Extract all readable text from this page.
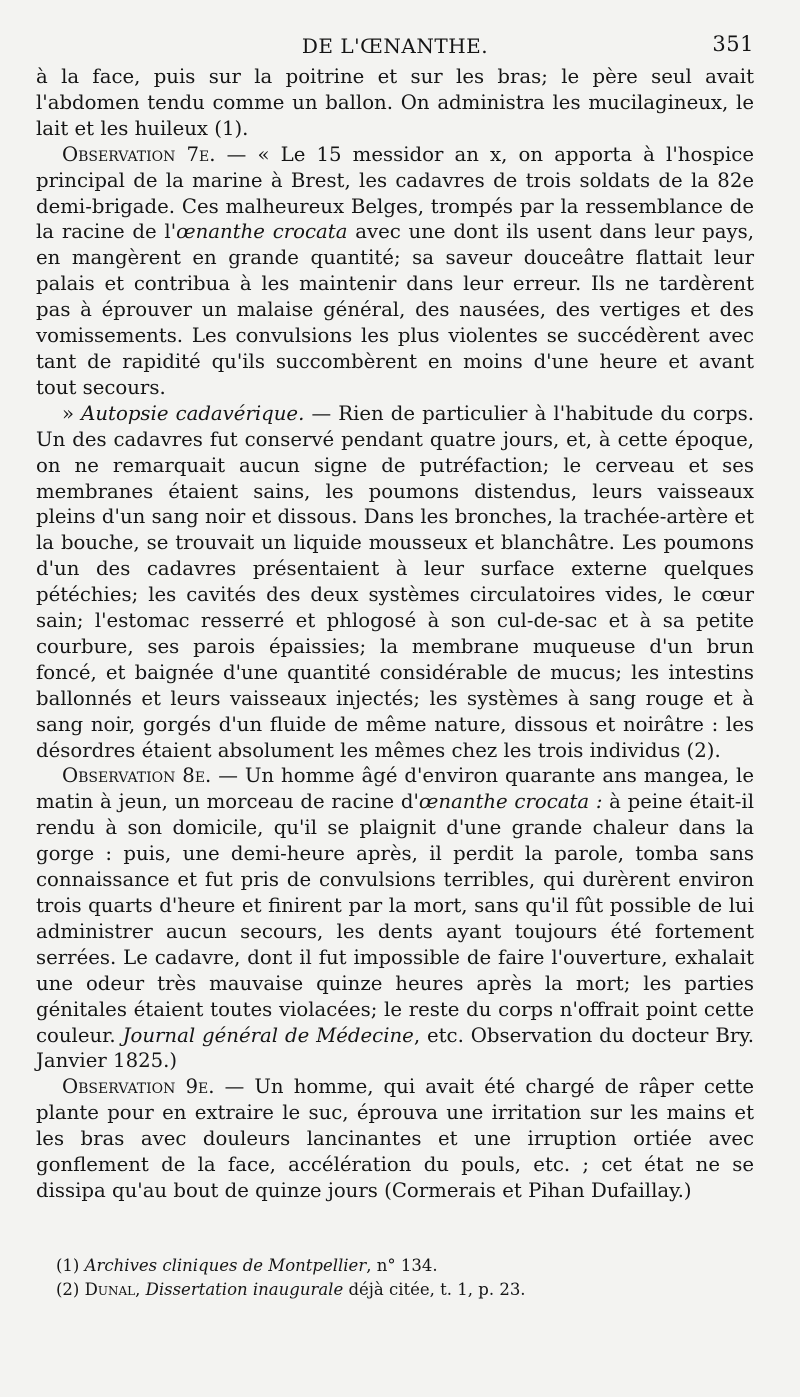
DE L'ŒNANTHE.	351

à la face, puis sur la poitrine et sur les bras; le père seul avait l'abdomen tendu comme un ballon. On administra les mucilagineux, le lait et les huileux (1).

Observation 7e. — « Le 15 messidor an x, on apporta à l'hospice principal de la marine à Brest, les cadavres de trois soldats de la 82e demi-brigade. Ces malheureux Belges, trompés par la ressemblance de la racine de l'œnanthe crocata avec une dont ils usent dans leur pays, en mangèrent en grande quantité; sa saveur douceâtre flattait leur palais et contribua à les maintenir dans leur erreur. Ils ne tardèrent pas à éprouver un malaise général, des nausées, des vertiges et des vomissements. Les convulsions les plus violentes se succédèrent avec tant de rapidité qu'ils succombèrent en moins d'une heure et avant tout secours.

» Autopsie cadavérique. — Rien de particulier à l'habitude du corps. Un des cadavres fut conservé pendant quatre jours, et, à cette époque, on ne remarquait aucun signe de putréfaction; le cerveau et ses membranes étaient sains, les poumons distendus, leurs vaisseaux pleins d'un sang noir et dissous. Dans les bronches, la trachée-artère et la bouche, se trouvait un liquide mousseux et blanchâtre. Les poumons d'un des cadavres présentaient à leur surface externe quelques pétéchies; les cavités des deux systèmes circulatoires vides, le cœur sain; l'estomac resserré et phlogosé à son cul-de-sac et à sa petite courbure, ses parois épaissies; la membrane muqueuse d'un brun foncé, et baignée d'une quantité considérable de mucus; les intestins ballonnés et leurs vaisseaux injectés; les systèmes à sang rouge et à sang noir, gorgés d'un fluide de même nature, dissous et noirâtre : les désordres étaient absolument les mêmes chez les trois individus (2).

Observation 8e. — Un homme âgé d'environ quarante ans mangea, le matin à jeun, un morceau de racine d'œnanthe crocata : à peine était-il rendu à son domicile, qu'il se plaignit d'une grande chaleur dans la gorge : puis, une demi-heure après, il perdit la parole, tomba sans connaissance et fut pris de convulsions terribles, qui durèrent environ trois quarts d'heure et finirent par la mort, sans qu'il fût possible de lui administrer aucun secours, les dents ayant toujours été fortement serrées. Le cadavre, dont il fut impossible de faire l'ouverture, exhalait une odeur très mauvaise quinze heures après la mort; les parties génitales étaient toutes violacées; le reste du corps n'offrait point cette couleur. Journal général de Médecine, etc. Observation du docteur Bry. Janvier 1825.)

Observation 9e. — Un homme, qui avait été chargé de râper cette plante pour en extraire le suc, éprouva une irritation sur les mains et les bras avec douleurs lancinantes et une irruption ortiée avec gonflement de la face, accélération du pouls, etc. ; cet état ne se dissipa qu'au bout de quinze jours (Cormerais et Pihan Dufaillay.)

(1) Archives cliniques de Montpellier, n° 134.

(2) Dunal, Dissertation inaugurale déjà citée, t. 1, p. 23.
